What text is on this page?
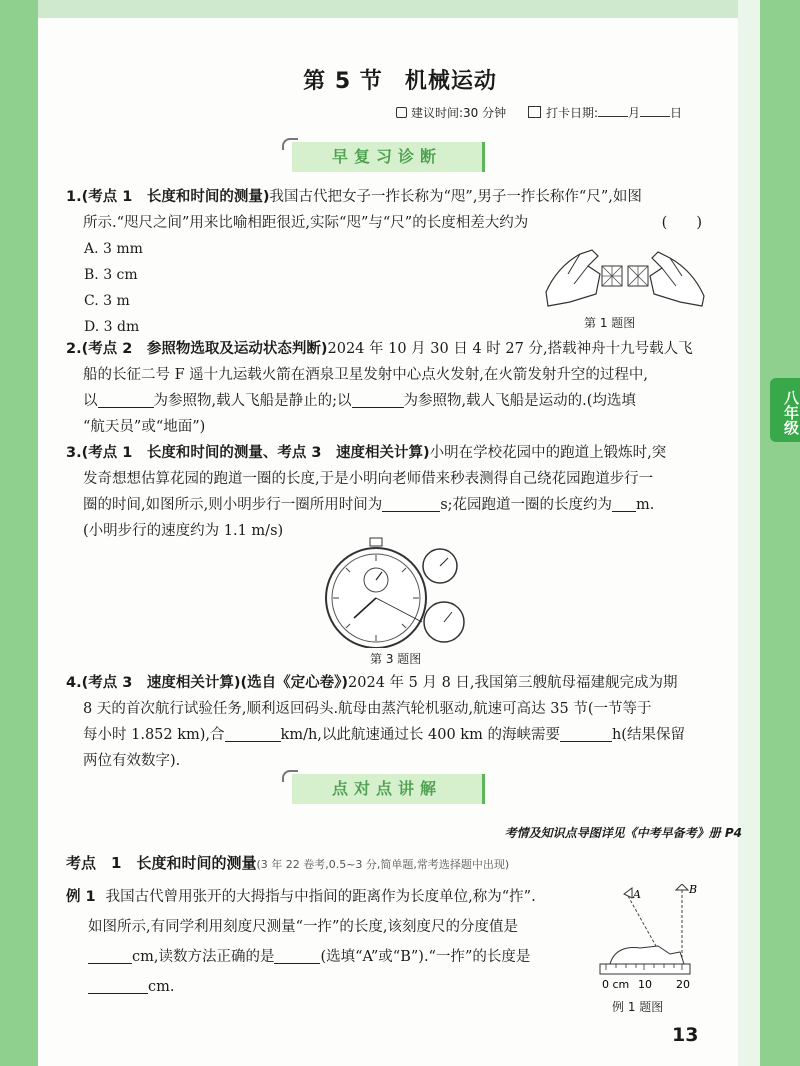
八年级
第 5 节 机械运动
建议时间:30 分钟	打卡日期:	月	日
早复习诊断
1.(考点 1　长度和时间的测量)我国古代把女子一拃长称为“咫”,男子一拃长称作“尺”,如图
所示.“咫尺之间”用来比喻相距很近,实际“咫”与“尺”的长度相差大约为	(　　)
A. 3 mm
B. 3 cm
C. 3 m
D. 3 dm	第 1 题图
2.(考点 2　参照物选取及运动状态判断)2024 年 10 月 30 日 4 时 27 分,搭载神舟十九号载人飞
船的长征二号 F 遥十九运载火箭在酒泉卫星发射中心点火发射,在火箭发射升空的过程中,
以	为参照物,载人飞船是静止的;以	为参照物,载人飞船是运动的.(均选填
“航天员”或“地面”)
3.(考点 1　长度和时间的测量、考点 3　速度相关计算)小明在学校花园中的跑道上锻炼时,突
发奇想想估算花园的跑道一圈的长度,于是小明向老师借来秒表测得自己绕花园跑道步行一
圈的时间,如图所示,则小明步行一圈所用时间为	s;花园跑道一圈的长度约为 m.
(小明步行的速度约为 1.1 m/s)
第 3 题图
4.(考点 3　速度相关计算)(选自《定心卷》)2024 年 5 月 8 日,我国第三艘航母福建舰完成为期
8 天的首次航行试验任务,顺利返回码头.航母由蒸汽轮机驱动,航速可高达 35 节(一节等于
每小时 1.852 km),合	km/h,以此航速通过长 400 km 的海峡需要	h(结果保留
两位有效数字).
点对点讲解
考情及知识点导图详见《中考早备考》册 P4
考点　1　长度和时间的测量(3 年 22 卷考,0.5~3 分,简单题,常考选择题中出现)
例 1 我国古代曾用张开的大拇指与中指间的距离作为长度单位,称为“拃”.
如图所示,有同学利用刻度尺测量“一拃”的长度,该刻度尺的分度值是
cm,读数方法正确的是	(选填“A”或“B”).“一拃”的长度是
cm.
A	B
0 cm 10 20
例 1 题图
13
